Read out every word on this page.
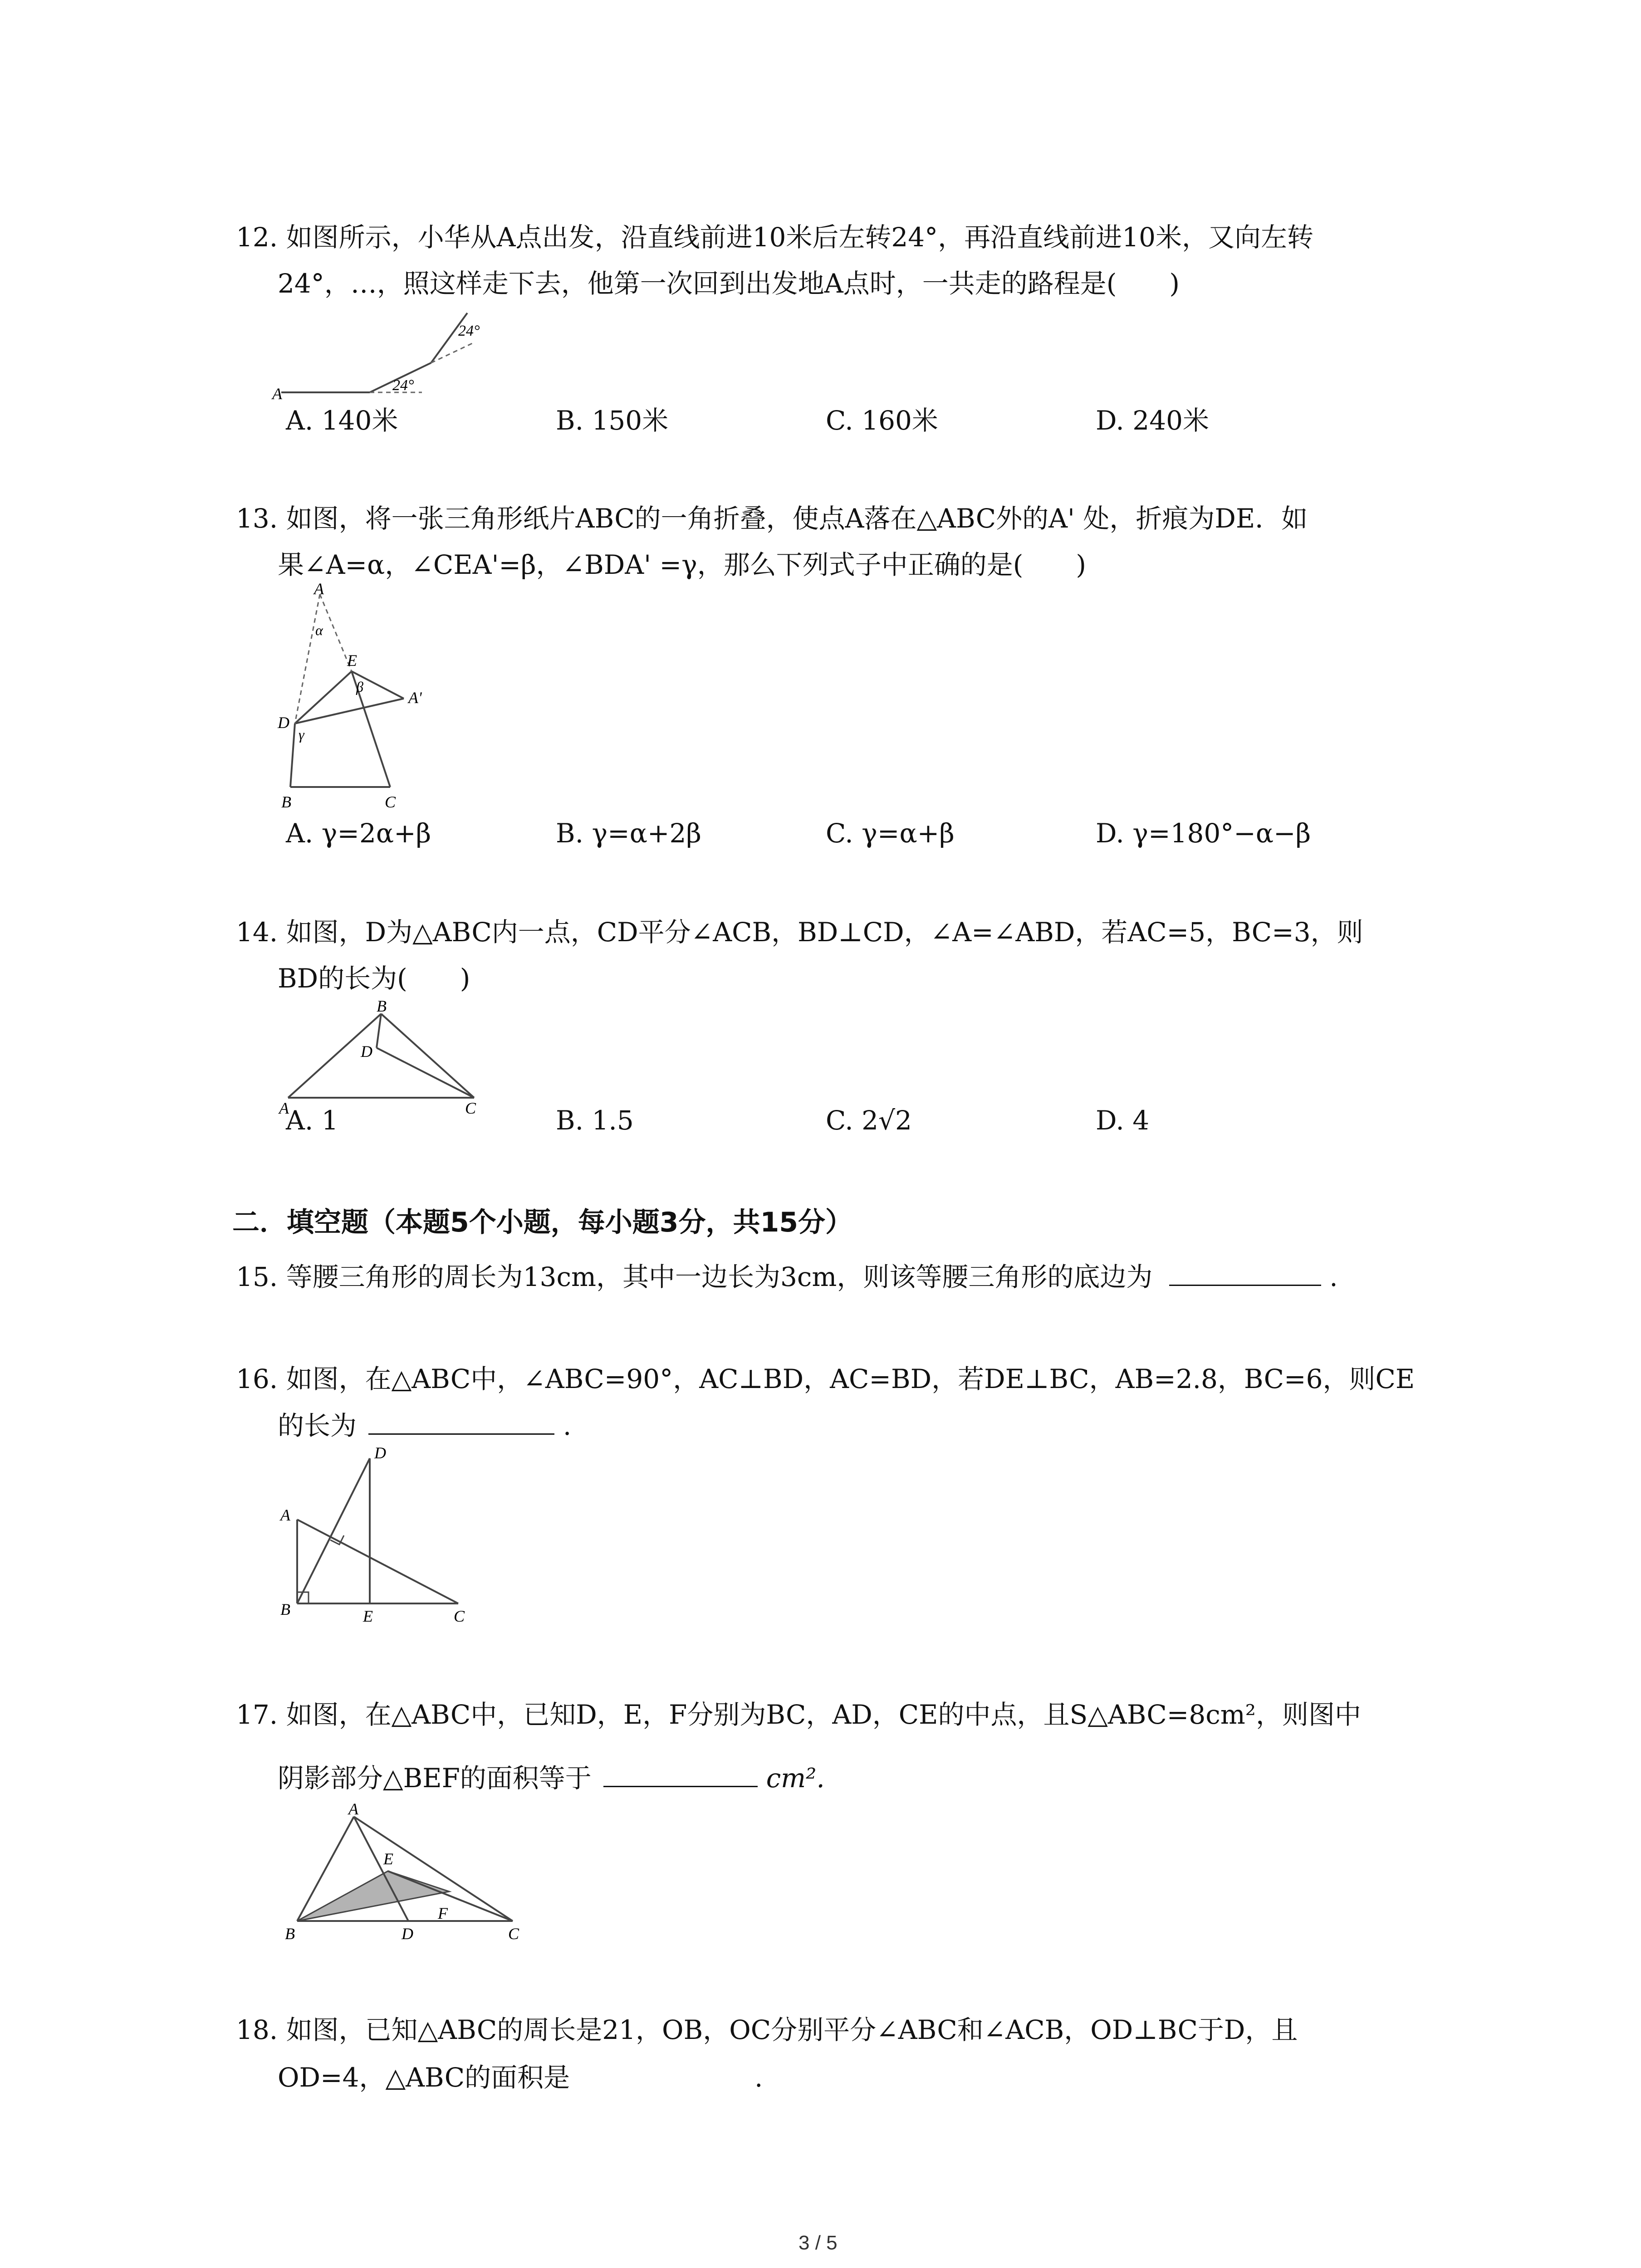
12. 如图所示，小华从A点出发，沿直线前进10米后左转24°，再沿直线前进10米，又向左转
24°，…，照这样走下去，他第一次回到出发地A点时，一共走的路程是(　　)
A	24°
24°
A. 140米	B. 150米	C. 160米	D. 240米
13. 如图，将一张三角形纸片ABC的一角折叠，使点A落在△ABC外的A' 处，折痕为DE．如
果∠A=α，∠CEA'=β，∠BDA' =γ，那么下列式子中正确的是(　　)
A
α
E
β
A'
D
γ
B	C
A. γ=2α+β	B. γ=α+2β	C. γ=α+β	D. γ=180°−α−β
14. 如图，D为△ABC内一点，CD平分∠ACB，BD⊥CD，∠A=∠ABD，若AC=5，BC=3，则
BD的长为(　　)
B
D
A	C
A. 1	B. 1.5	C. 2√2	D. 4
二．填空题（本题5个小题，每小题3分，共15分）
15. 等腰三角形的周长为13cm，其中一边长为3cm，则该等腰三角形的底边为	.
16. 如图，在△ABC中，∠ABC=90°，AC⊥BD，AC=BD，若DE⊥BC，AB=2.8，BC=6，则CE
的长为	.
D
A
B	E	C
17. 如图，在△ABC中，已知D，E，F分别为BC，AD，CE的中点，且S△ABC=8cm²，则图中
阴影部分△BEF的面积等于	cm².
A
E
F
B	D	C
18. 如图，已知△ABC的周长是21，OB，OC分别平分∠ABC和∠ACB，OD⊥BC于D，且
OD=4，△ABC的面积是	.
3 / 5
